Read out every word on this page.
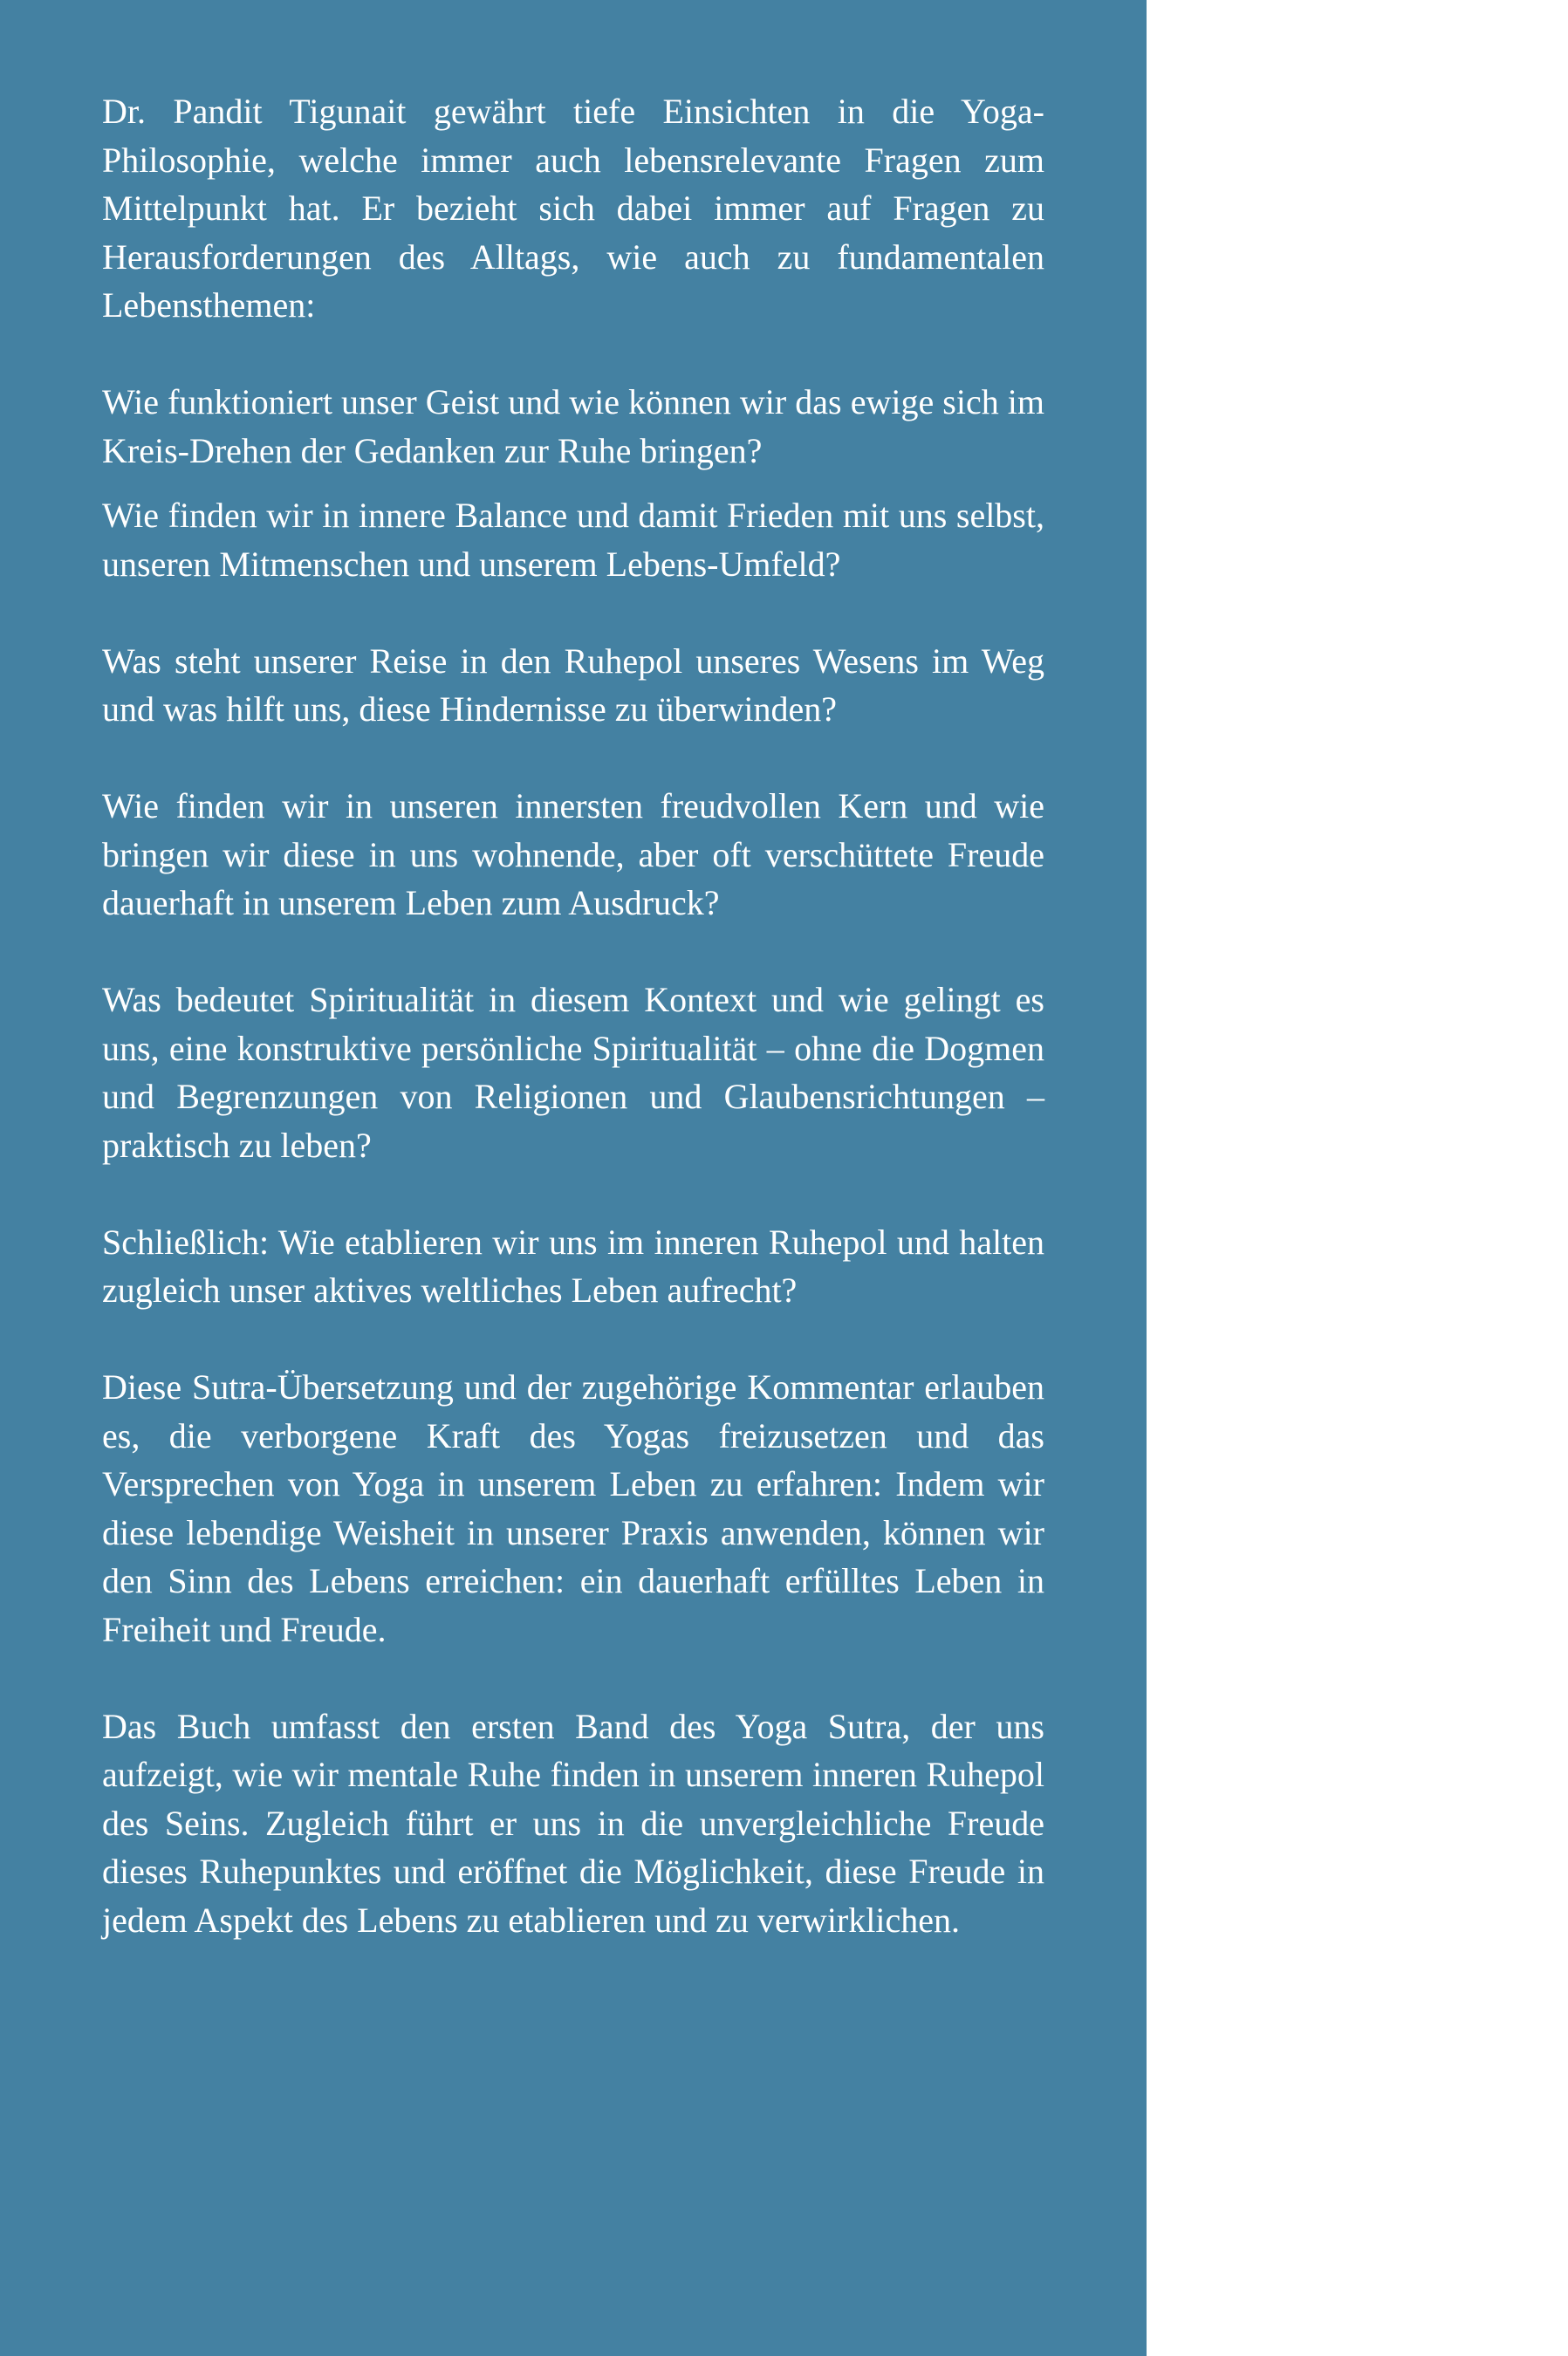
Dr. Pandit Tigunait gewährt tiefe Einsichten in die Yoga-Philosophie, welche immer auch lebensrelevante Fragen zum Mittelpunkt hat. Er bezieht sich dabei immer auf Fragen zu Herausforderungen des Alltags, wie auch zu fundamentalen Lebensthemen:

Wie funktioniert unser Geist und wie können wir das ewige sich im Kreis-Drehen der Gedanken zur Ruhe bringen?

Wie finden wir in innere Balance und damit Frieden mit uns selbst, unseren Mitmenschen und unserem Lebens-Umfeld?

Was steht unserer Reise in den Ruhepol unseres Wesens im Weg und was hilft uns, diese Hindernisse zu überwinden?

Wie finden wir in unseren innersten freudvollen Kern und wie bringen wir diese in uns wohnende, aber oft verschüttete Freude dauerhaft in unserem Leben zum Ausdruck?

Was bedeutet Spiritualität in diesem Kontext und wie gelingt es uns, eine konstruktive persönliche Spiritualität – ohne die Dogmen und Begrenzungen von Religionen und Glaubensrichtungen – praktisch zu leben?

Schließlich: Wie etablieren wir uns im inneren Ruhepol und halten zugleich unser aktives weltliches Leben aufrecht?

Diese Sutra-Übersetzung und der zugehörige Kommentar erlauben es, die verborgene Kraft des Yogas freizusetzen und das Versprechen von Yoga in unserem Leben zu erfahren: Indem wir diese lebendige Weisheit in unserer Praxis anwenden, können wir den Sinn des Lebens erreichen: ein dauerhaft erfülltes Leben in Freiheit und Freude.

Das Buch umfasst den ersten Band des Yoga Sutra, der uns aufzeigt, wie wir mentale Ruhe finden in unserem inneren Ruhepol des Seins. Zugleich führt er uns in die unvergleichliche Freude dieses Ruhepunktes und eröffnet die Möglichkeit, diese Freude in jedem Aspekt des Lebens zu etablieren und zu verwirklichen.
